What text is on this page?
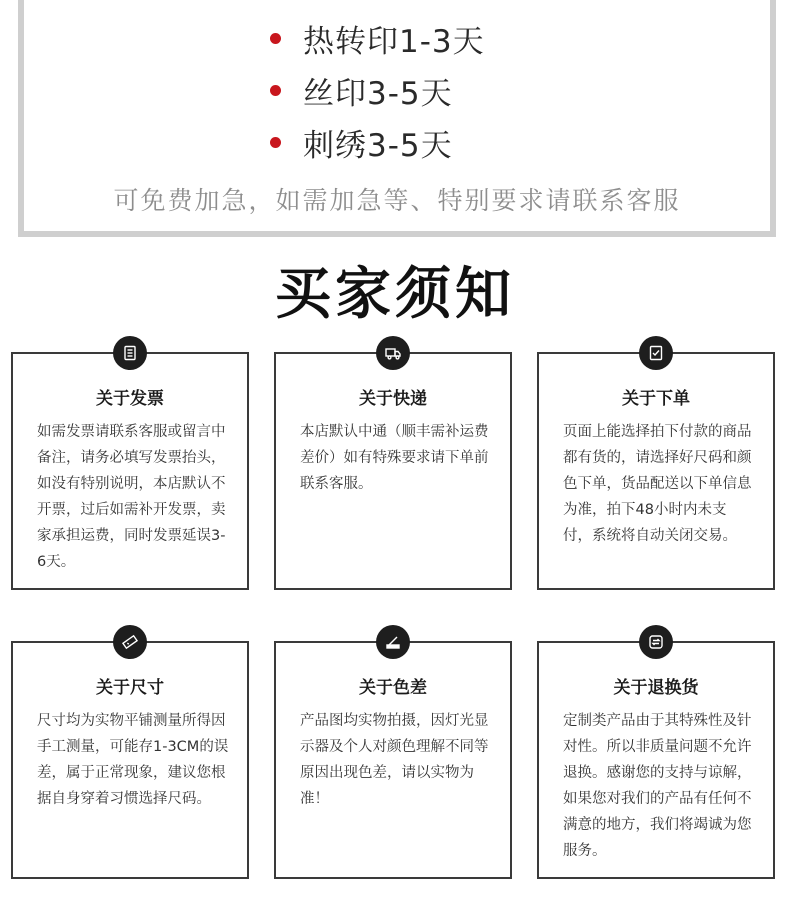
热转印1-3天
丝印3-5天
刺绣3-5天
可免费加急，如需加急等、特别要求请联系客服
买家须知
关于发票
如需发票请联系客服或留言中备注，请务必填写发票抬头，如没有特别说明，本店默认不开票，过后如需补开发票，卖家承担运费，同时发票延误3-6天。
关于快递
本店默认中通（顺丰需补运费差价）如有特殊要求请下单前联系客服。
关于下单
页面上能选择拍下付款的商品都有货的，请选择好尺码和颜色下单，货品配送以下单信息为准，拍下48小时内未支付，系统将自动关闭交易。
关于尺寸
尺寸均为实物平铺测量所得因手工测量，可能存1-3CM的误差，属于正常现象，建议您根据自身穿着习惯选择尺码。
关于色差
产品图均实物拍摄，因灯光显示器及个人对颜色理解不同等原因出现色差，请以实物为准！
关于退换货
定制类产品由于其特殊性及针对性。所以非质量问题不允许退换。感谢您的支持与谅解，如果您对我们的产品有任何不满意的地方，我们将竭诚为您服务。
